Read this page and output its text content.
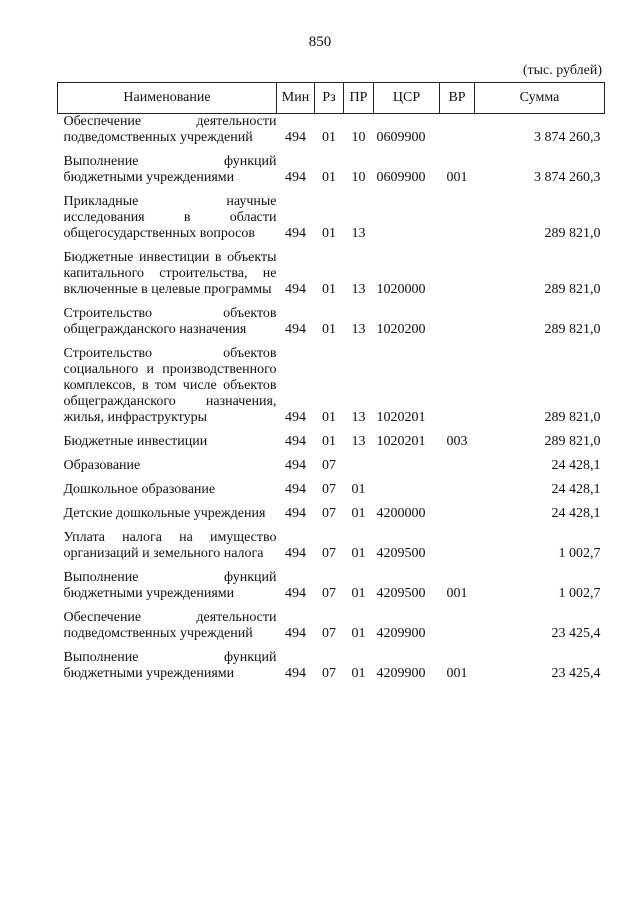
850
(тыс. рублей)
Наименование	Мин	Рз	ПР	ЦСР	ВР	Сумма
Обеспечение деятельности подведомственных учреждений	494	01	10	0609900		3 874 260,3
Выполнение функций бюджетными учреждениями	494	01	10	0609900	001	3 874 260,3
Прикладные научные исследования в области общегосударственных вопросов	494	01	13			289 821,0
Бюджетные инвестиции в объекты капитального строительства, не включенные в целевые программы	494	01	13	1020000		289 821,0
Строительство объектов общегражданского назначения	494	01	13	1020200		289 821,0
Строительство объектов социального и производственного комплексов, в том числе объектов общегражданского назначения, жилья, инфраструктуры	494	01	13	1020201		289 821,0
Бюджетные инвестиции	494	01	13	1020201	003	289 821,0
Образование	494	07				24 428,1
Дошкольное образование	494	07	01			24 428,1
Детские дошкольные учреждения	494	07	01	4200000		24 428,1
Уплата налога на имущество организаций и земельного налога	494	07	01	4209500		1 002,7
Выполнение функций бюджетными учреждениями	494	07	01	4209500	001	1 002,7
Обеспечение деятельности подведомственных учреждений	494	07	01	4209900		23 425,4
Выполнение функций бюджетными учреждениями	494	07	01	4209900	001	23 425,4
